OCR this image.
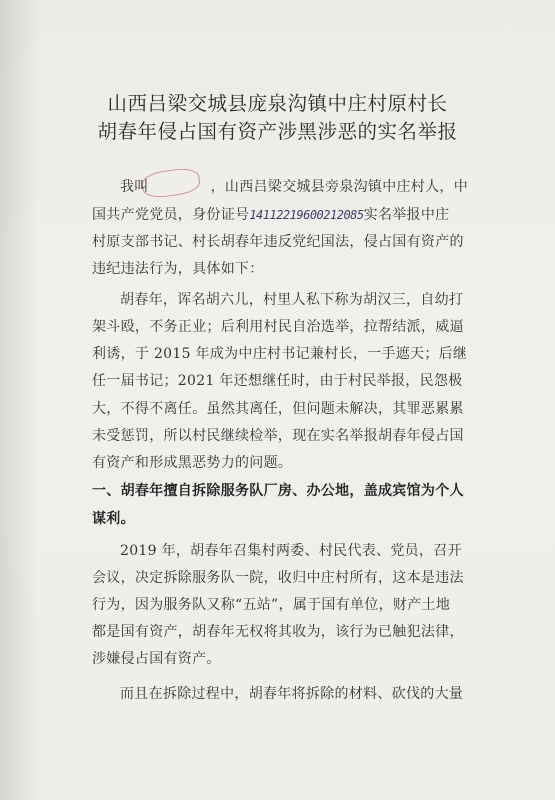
山西吕梁交城县庞泉沟镇中庄村原村长
胡春年侵占国有资产涉黑涉恶的实名举报
我叫	，山西吕梁交城县旁泉沟镇中庄村人，中
国共产党党员，身份证号14112219600212085实名举报中庄
村原支部书记、村长胡春年违反党纪国法，侵占国有资产的
违纪违法行为，具体如下：
胡春年，诨名胡六儿，村里人私下称为胡汉三，自幼打
架斗殴，不务正业；后利用村民自治选举，拉帮结派，威逼
利诱，于 2015 年成为中庄村书记兼村长，一手遮天；后继
任一届书记；2021 年还想继任时，由于村民举报，民怨极
大，不得不离任。虽然其离任，但问题未解决，其罪恶累累
未受惩罚，所以村民继续检举，现在实名举报胡春年侵占国
有资产和形成黑恶势力的问题。
一、胡春年擅自拆除服务队厂房、办公地，盖成宾馆为个人
谋利。
2019 年，胡春年召集村两委、村民代表、党员，召开
会议，决定拆除服务队一院，收归中庄村所有，这本是违法
行为，因为服务队又称“五站”，属于国有单位，财产土地
都是国有资产，胡春年无权将其收为，该行为已触犯法律，
涉嫌侵占国有资产。
而且在拆除过程中，胡春年将拆除的材料、砍伐的大量
